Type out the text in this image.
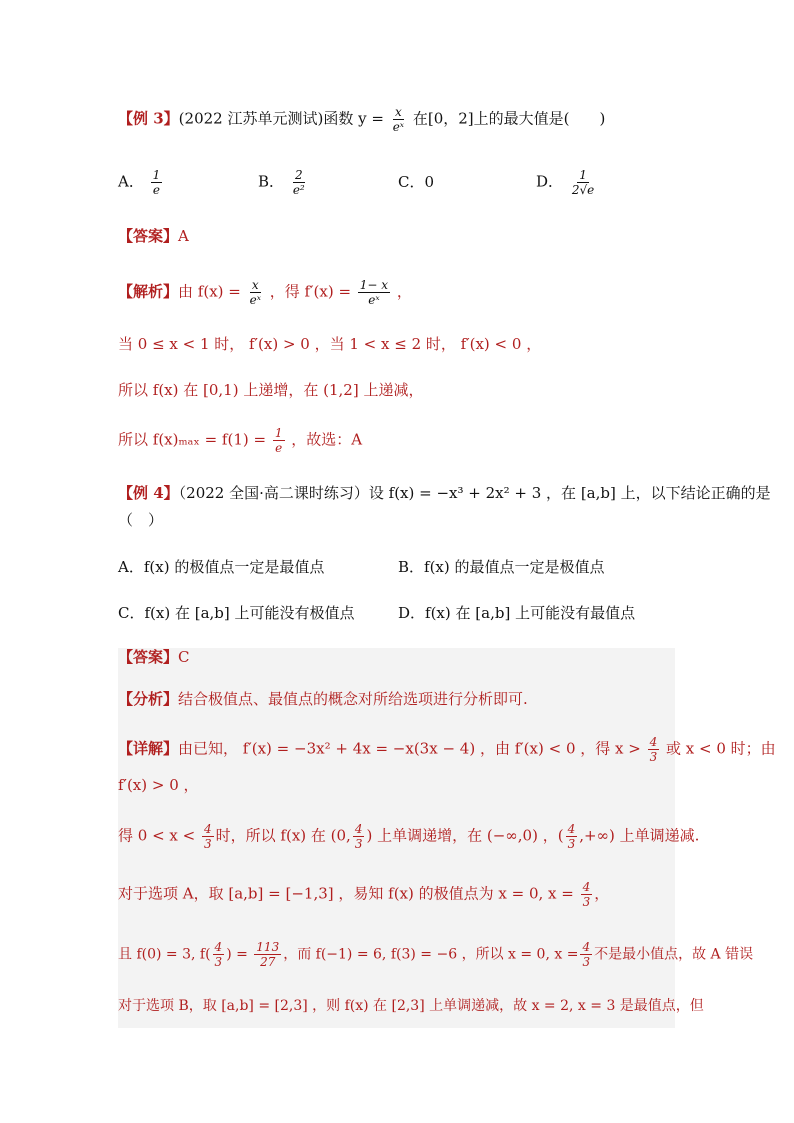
【例 3】(2022 江苏单元测试)函数 $y = \frac{x}{\text{eˣ}}$ 在[0，2]上的最大值是(　　)
A． $\frac{1}{e}$	B． $\frac{2}{\text{e²}}$	C．0	D． $\frac{1}{2√e}$
【答案】A
【解析】由 $f(x) = \frac{x}{\text{eˣ}}$ ，得 $f'(x) = \frac{1- x}{\text{eˣ}}$ ，
当 0 ≤ x < 1 时， f′(x) > 0 ，当 1 < x ≤ 2 时， f′(x) < 0 ，
所以 f(x) 在 [0,1) 上递增，在 (1,2] 上递减，
所以 $f(x)_{max} = f(1) = \frac{1}{e}$ ，故选：A
【例 4】（2022 全国·高二课时练习）设 f(x) = −x³ + 2x² + 3 ，在 [a,b] 上，以下结论正确的是
（　）
A．f(x) 的极值点一定是最值点	B．f(x) 的最值点一定是极值点
C．f(x) 在 [a,b] 上可能没有极值点	D．f(x) 在 [a,b] 上可能没有最值点
【答案】C
【分析】结合极值点、最值点的概念对所给选项进行分析即可.
【详解】由已知， f′(x) = −3x² + 4x = −x(3x − 4) ，由 f′(x) < 0 ，得 $x > \frac{4}{3}$ 或 x < 0 时；由
f′(x) > 0 ，
得 $0 < x < \frac{4}{3}$ 时，所以 f(x) 在 (0, $\frac{4}{3}$ ) 上单调递增，在 (−∞,0) ，( $\frac{4}{3}$ ,+∞) 上单调递减.
对于选项 A，取 [a,b] = [−1,3] ，易知 f(x) 的极值点为 x = 0, $x = \frac{4}{3}$ ，
且 f(0) = 3, $f( \frac{4}{3}$ ) = $\frac{113}{27}$ ，而 f(−1) = 6, f(3) = −6 ，所以 x = 0, $x = \frac{4}{3}$ 不是最小值点，故 A 错误
对于选项 B，取 [a,b] = [2,3] ，则 f(x) 在 [2,3] 上单调递减，故 x = 2, x = 3 是最值点，但
